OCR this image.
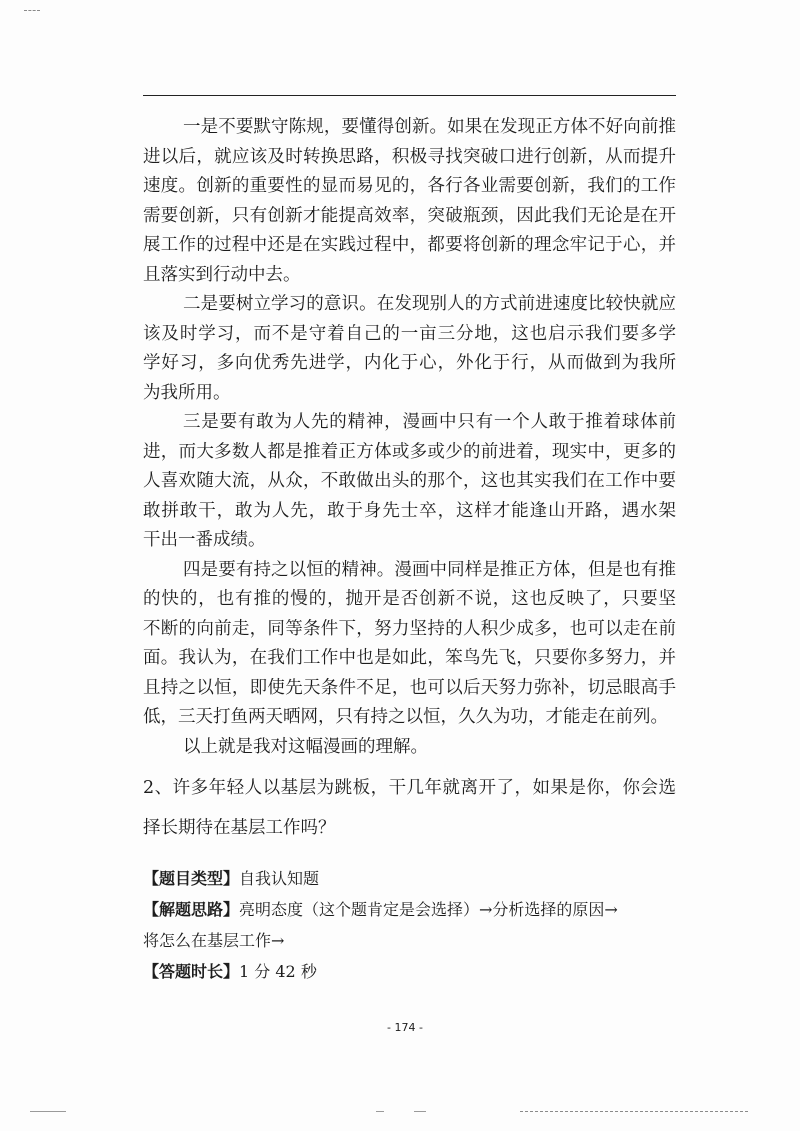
一是不要默守陈规，要懂得创新。如果在发现正方体不好向前推
进以后，就应该及时转换思路，积极寻找突破口进行创新，从而提升
速度。创新的重要性的显而易见的，各行各业需要创新，我们的工作
需要创新，只有创新才能提高效率，突破瓶颈，因此我们无论是在开
展工作的过程中还是在实践过程中，都要将创新的理念牢记于心，并
且落实到行动中去。
二是要树立学习的意识。在发现别人的方式前进速度比较快就应
该及时学习，而不是守着自己的一亩三分地，这也启示我们要多学
学好习，多向优秀先进学，内化于心，外化于行，从而做到为我所
为我所用。
三是要有敢为人先的精神，漫画中只有一个人敢于推着球体前
进，而大多数人都是推着正方体或多或少的前进着，现实中，更多的
人喜欢随大流，从众，不敢做出头的那个，这也其实我们在工作中要
敢拼敢干，敢为人先，敢于身先士卒，这样才能逢山开路，遇水架
干出一番成绩。
四是要有持之以恒的精神。漫画中同样是推正方体，但是也有推
的快的，也有推的慢的，抛开是否创新不说，这也反映了，只要坚
不断的向前走，同等条件下，努力坚持的人积少成多，也可以走在前
面。我认为，在我们工作中也是如此，笨鸟先飞，只要你多努力，并
且持之以恒，即使先天条件不足，也可以后天努力弥补，切忌眼高手
低，三天打鱼两天晒网，只有持之以恒，久久为功，才能走在前列。
以上就是我对这幅漫画的理解。
2、许多年轻人以基层为跳板，干几年就离开了，如果是你，你会选
择长期待在基层工作吗？
【题目类型】自我认知题
【解题思路】亮明态度（这个题肯定是会选择）→分析选择的原因→
将怎么在基层工作→
【答题时长】1 分 42 秒
- 174 -
